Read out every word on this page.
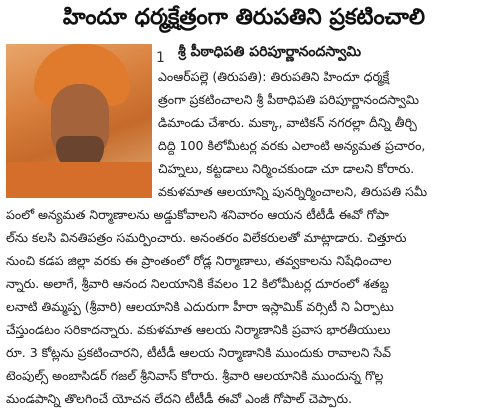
హిందూ ధర్మక్షేత్రంగా తిరుపతిని ప్రకటించాలి
1 శ్రీ పీఠాధిపతి పరిపూర్ణానందస్వామి
ఎంఆర్‌పల్లె (తిరుపతి): తిరుపతిని హిందూ ధర్మక్షే
త్రంగా ప్రకటించాలని శ్రీ పీఠాధిపతి పరిపూర్ణానందస్వామి
డిమాండు చేశారు. మక్కా, వాటికన్ నగరల్లా దీన్ని తీర్చి
దిద్ది 100 కిలోమీటర్ల వరకు ఎలాంటి అన్యమత ప్రచారం,
చిహ్నలు, కట్టడాలు నిర్మించకుండా చూ డాలని కోరారు.
వకుళమాత ఆలయాన్ని పునర్నిర్మించాలని, తిరుపతి సమీ
పంలో అన్యమత నిర్మాణాలను అడ్డుకోవాలని శనివారం ఆయన టీటీడీ ఈవో గోపా
ల్‌ను కలసి వినతిపత్రం సమర్పించారు. అనంతరం విలేకరులతో మాట్లాడారు. చిత్తూరు
నుంచి కడప జిల్లా వరకు ఈ ప్రాంతంలో రోడ్ల నిర్మాణాలు, తవ్వకాలను నిషేధించాల
న్నారు. అలాగే, శ్రీవారి ఆనంద నిలయానికి కేవలం 12 కిలోమీటర్ల దూరంలో శతబ్ద
లనాటి తిమ్మప్ప (శ్రీవారి) ఆలయానికి ఎదురుగా హీరా ఇస్లామిక్ వర్సిటీ ని ఏర్పాటు
చేస్తుండటం సరికాదన్నారు. వకుళమాత ఆలయ నిర్మాణానికి ప్రవాస భారతీయులు
రూ. 3 కోట్లను ప్రకటించారని, టీటీడీ ఆలయ నిర్మాణానికి ముందుకు రావాలని సేవ్
టెంపుల్స్ అంబాసిడర్ గజల్ శ్రీనివాస్ కోరారు. శ్రీవారి ఆలయానికి ముందున్న గొల్ల
మండపాన్ని తొలగించే యోచన లేదని టీటీడీ ఈవో ఎంజీ గోపాల్ చెప్పారు.
